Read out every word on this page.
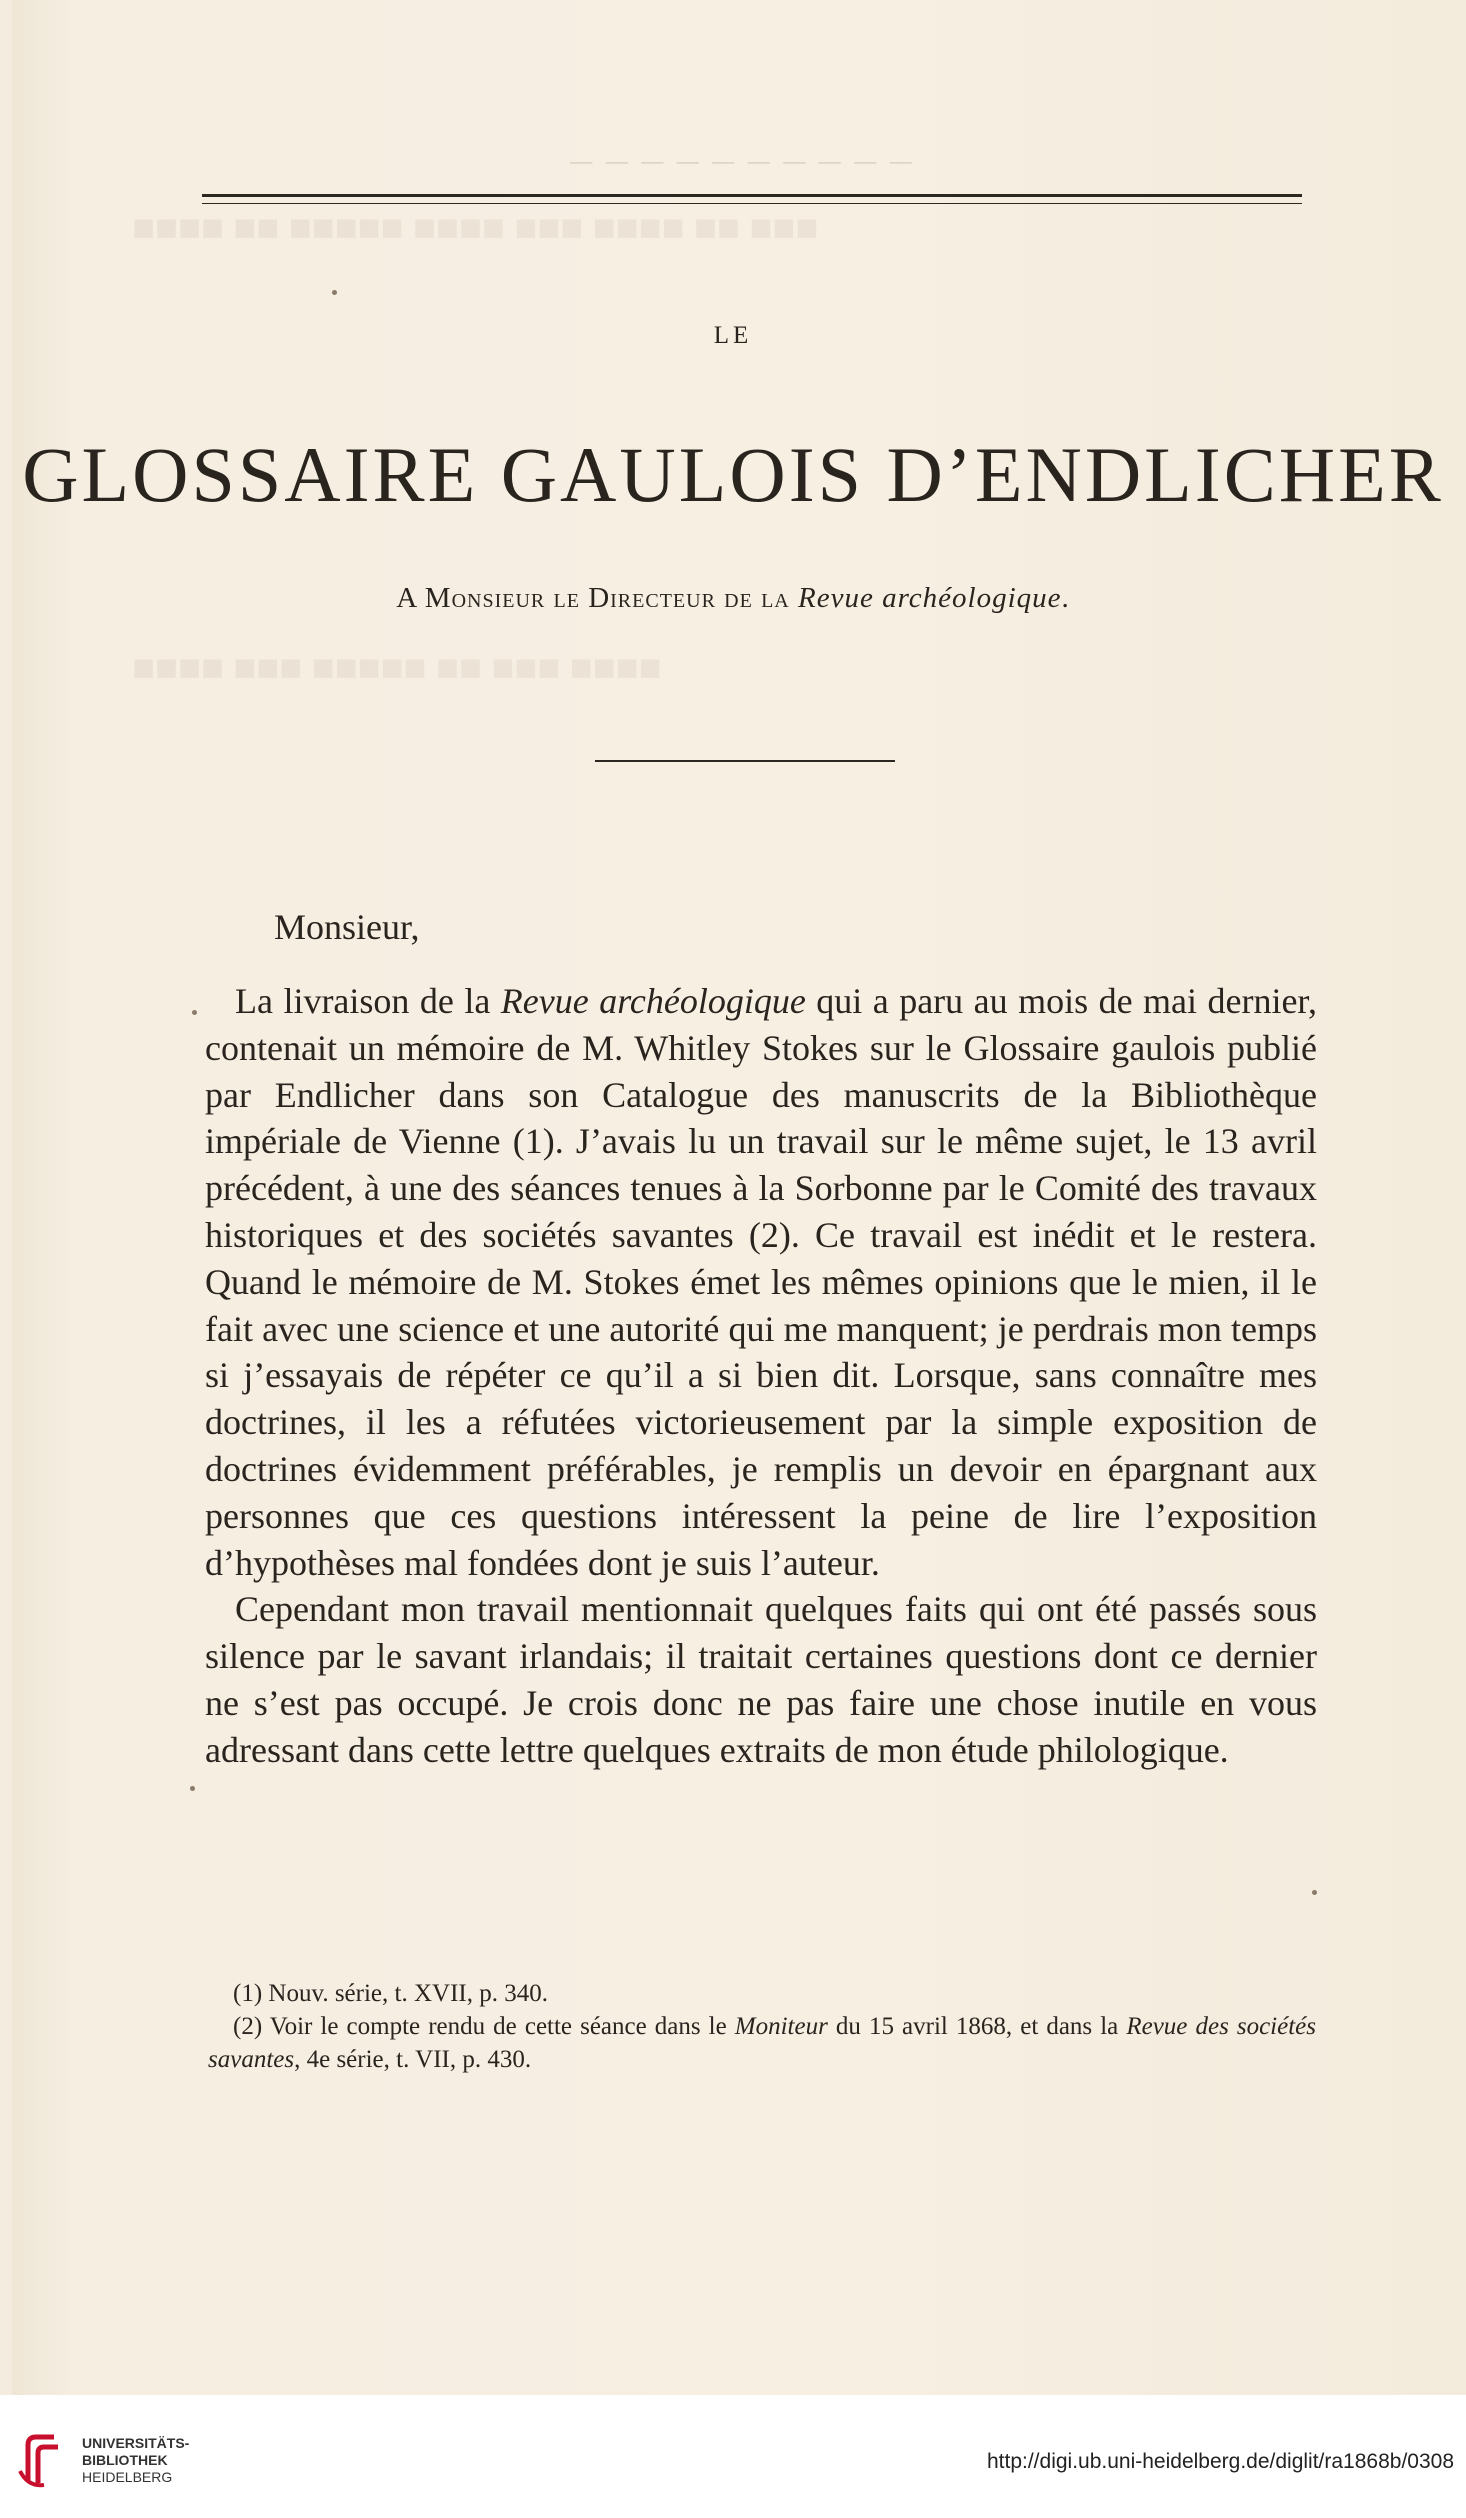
■■■ ■■ ■■■■ ■■■ ■■■■ ■■■■■ ■■ ■■■■
■■■■ ■■■ ■■ ■■■■■ ■■■ ■■■■
— — — — — — — — — —
LE
GLOSSAIRE GAULOIS D’ENDLICHER
A Monsieur le Directeur de la Revue archéologique.
Monsieur,

La livraison de la Revue archéologique qui a paru au mois de mai dernier, contenait un mémoire de M. Whitley Stokes sur le Glossaire gaulois publié par Endlicher dans son Catalogue des manuscrits de la Bibliothèque impériale de Vienne (1). J’avais lu un travail sur le même sujet, le 13 avril précédent, à une des séances tenues à la Sorbonne par le Comité des travaux historiques et des sociétés savantes (2). Ce travail est inédit et le restera. Quand le mémoire de M. Stokes émet les mêmes opinions que le mien, il le fait avec une science et une autorité qui me manquent; je perdrais mon temps si j’essayais de répéter ce qu’il a si bien dit. Lorsque, sans connaître mes doctrines, il les a réfutées victorieusement par la simple exposition de doctrines évidemment préférables, je remplis un devoir en épargnant aux personnes que ces questions intéressent la peine de lire l’exposition d’hypothèses mal fondées dont je suis l’auteur.

Cependant mon travail mentionnait quelques faits qui ont été passés sous silence par le savant irlandais; il traitait certaines questions dont ce dernier ne s’est pas occupé. Je crois donc ne pas faire une chose inutile en vous adressant dans cette lettre quelques extraits de mon étude philologique.

(1) Nouv. série, t. XVII, p. 340.
(2) Voir le compte rendu de cette séance dans le Moniteur du 15 avril 1868, et dans la Revue des sociétés savantes, 4e série, t. VII, p. 430.
UNIVERSITÄTS-
BIBLIOTHEK
HEIDELBERG
http://digi.ub.uni-heidelberg.de/diglit/ra1868b/0308
